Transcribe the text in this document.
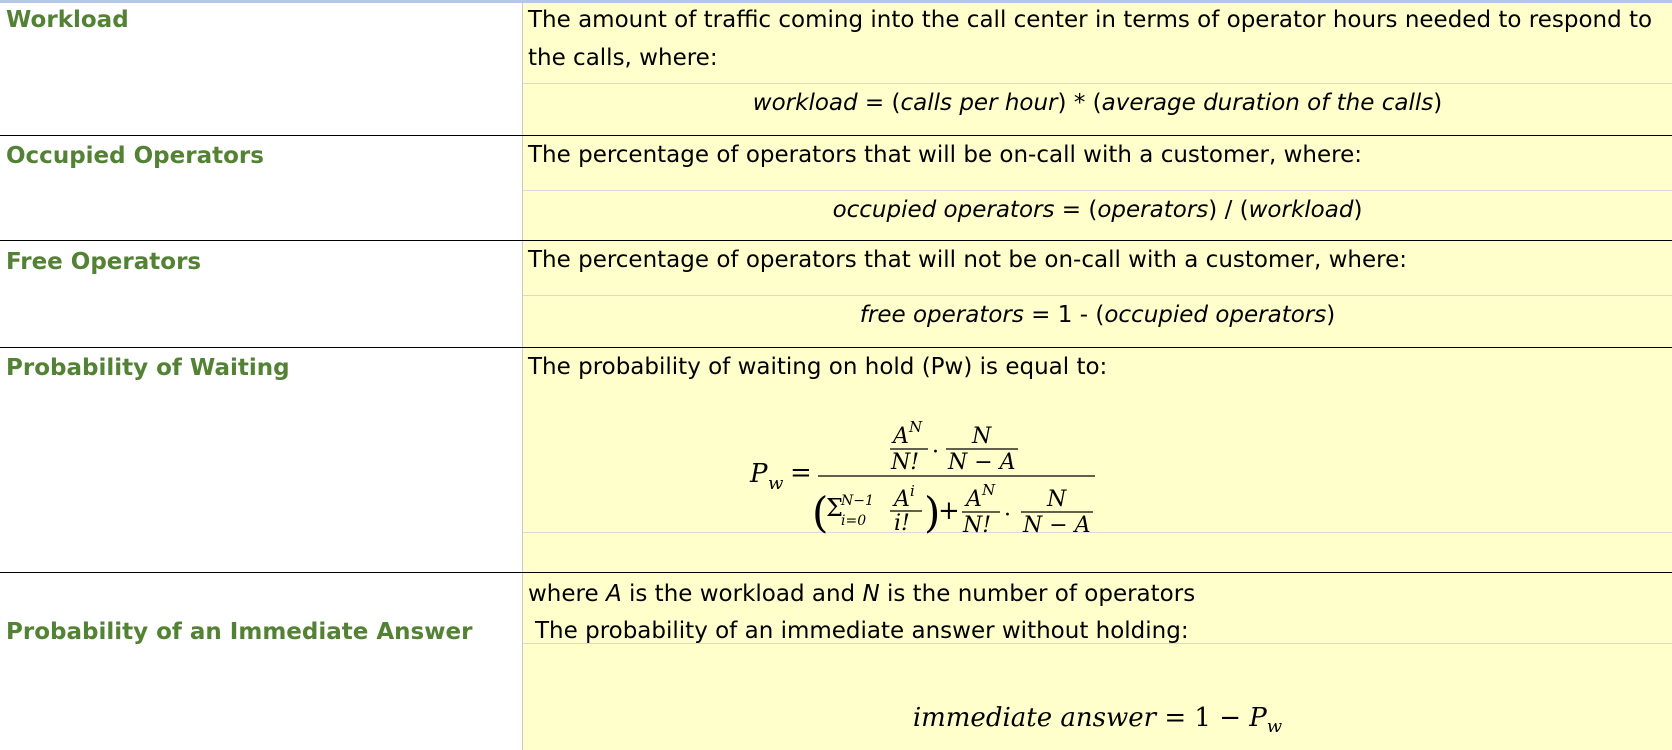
Workload	The amount of traffic coming into the call center in terms of operator hours needed to respond to the calls, where:
workload = (calls per hour) * (average duration of the calls)
Occupied Operators	The percentage of operators that will be on-call with a customer, where:
occupied operators = (operators) / (workload)
Free Operators	The percentage of operators that will not be on-call with a customer, where:
free operators = 1 - (occupied operators)
Probability of Waiting	The probability of waiting on hold (Pw) is equal to:
P w =
A N
N! ·
N
N − A
(
Σ
N−1
i=0
A i
i! )
+ A N
N! ·
N
N − A
where A is the workload and N is the number of operators
Probability of an Immediate Answer	The probability of an immediate answer without holding:
immediate answer = $1 - P_w$
